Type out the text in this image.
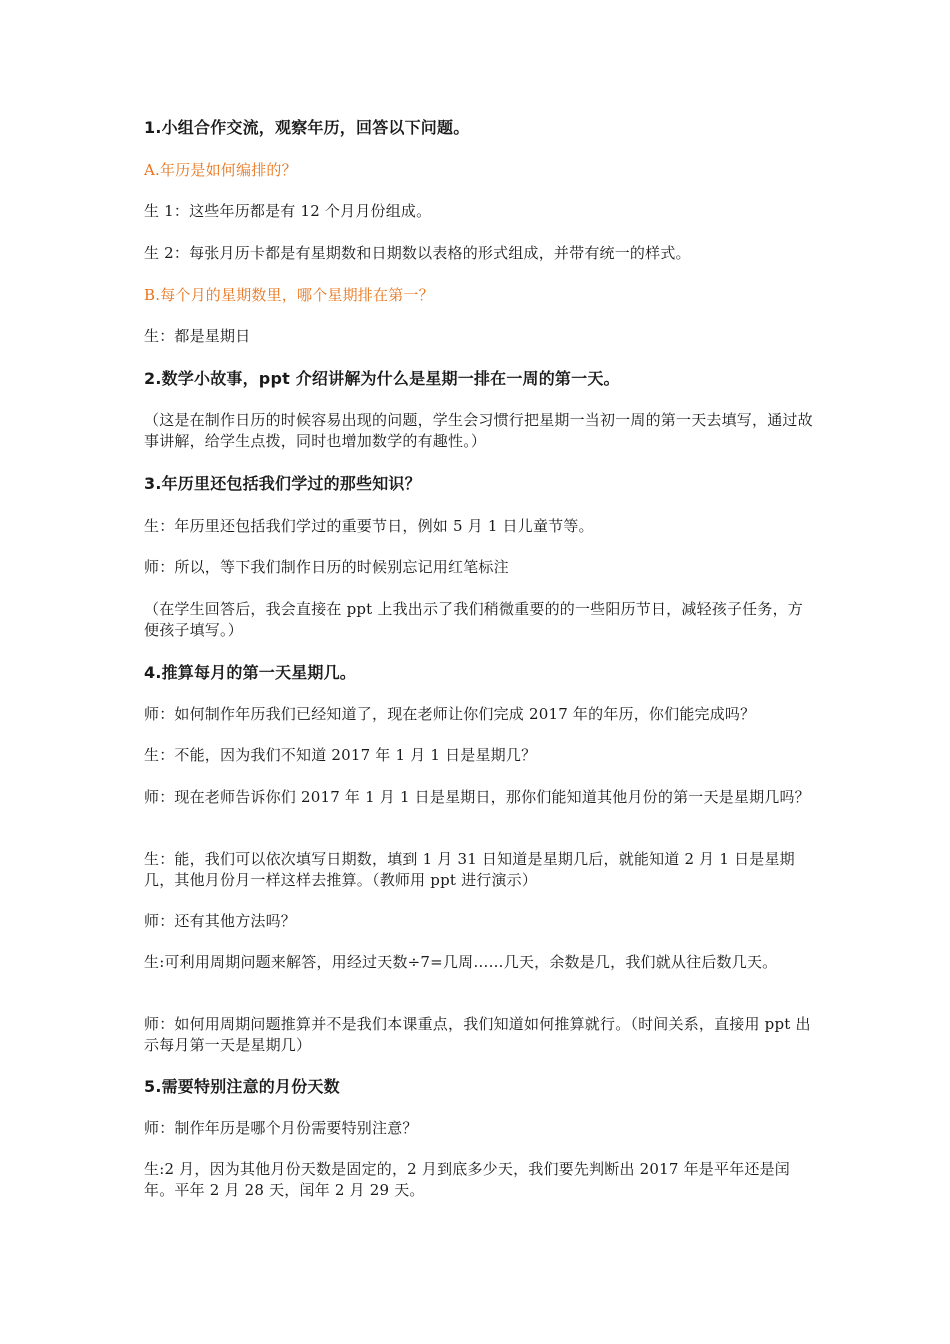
1.小组合作交流，观察年历，回答以下问题。
A.年历是如何编排的？
生 1：这些年历都是有 12 个月月份组成。
生 2：每张月历卡都是有星期数和日期数以表格的形式组成，并带有统一的样式。
B.每个月的星期数里，哪个星期排在第一？
生：都是星期日
2.数学小故事，ppt 介绍讲解为什么是星期一排在一周的第一天。
（这是在制作日历的时候容易出现的问题，学生会习惯行把星期一当初一周的第一天去填写，通过故事讲解，给学生点拨，同时也增加数学的有趣性。）
3.年历里还包括我们学过的那些知识？
生：年历里还包括我们学过的重要节日，例如 5 月 1 日儿童节等。
师：所以，等下我们制作日历的时候别忘记用红笔标注
（在学生回答后，我会直接在 ppt 上我出示了我们稍微重要的的一些阳历节日，减轻孩子任务，方便孩子填写。）
4.推算每月的第一天星期几。
师：如何制作年历我们已经知道了，现在老师让你们完成 2017 年的年历，你们能完成吗？
生：不能，因为我们不知道 2017 年 1 月 1 日是星期几？
师：现在老师告诉你们 2017 年 1 月 1 日是星期日，那你们能知道其他月份的第一天是星期几吗？
生：能，我们可以依次填写日期数，填到 1 月 31 日知道是星期几后，就能知道 2 月 1 日是星期几，其他月份月一样这样去推算。（教师用 ppt 进行演示）
师：还有其他方法吗？
生:可利用周期问题来解答，用经过天数÷7=几周……几天，余数是几，我们就从往后数几天。
师：如何用周期问题推算并不是我们本课重点，我们知道如何推算就行。（时间关系，直接用 ppt 出示每月第一天是星期几）
5.需要特别注意的月份天数
师：制作年历是哪个月份需要特别注意？
生:2 月，因为其他月份天数是固定的，2 月到底多少天，我们要先判断出 2017 年是平年还是闰年。平年 2 月 28 天，闰年 2 月 29 天。
